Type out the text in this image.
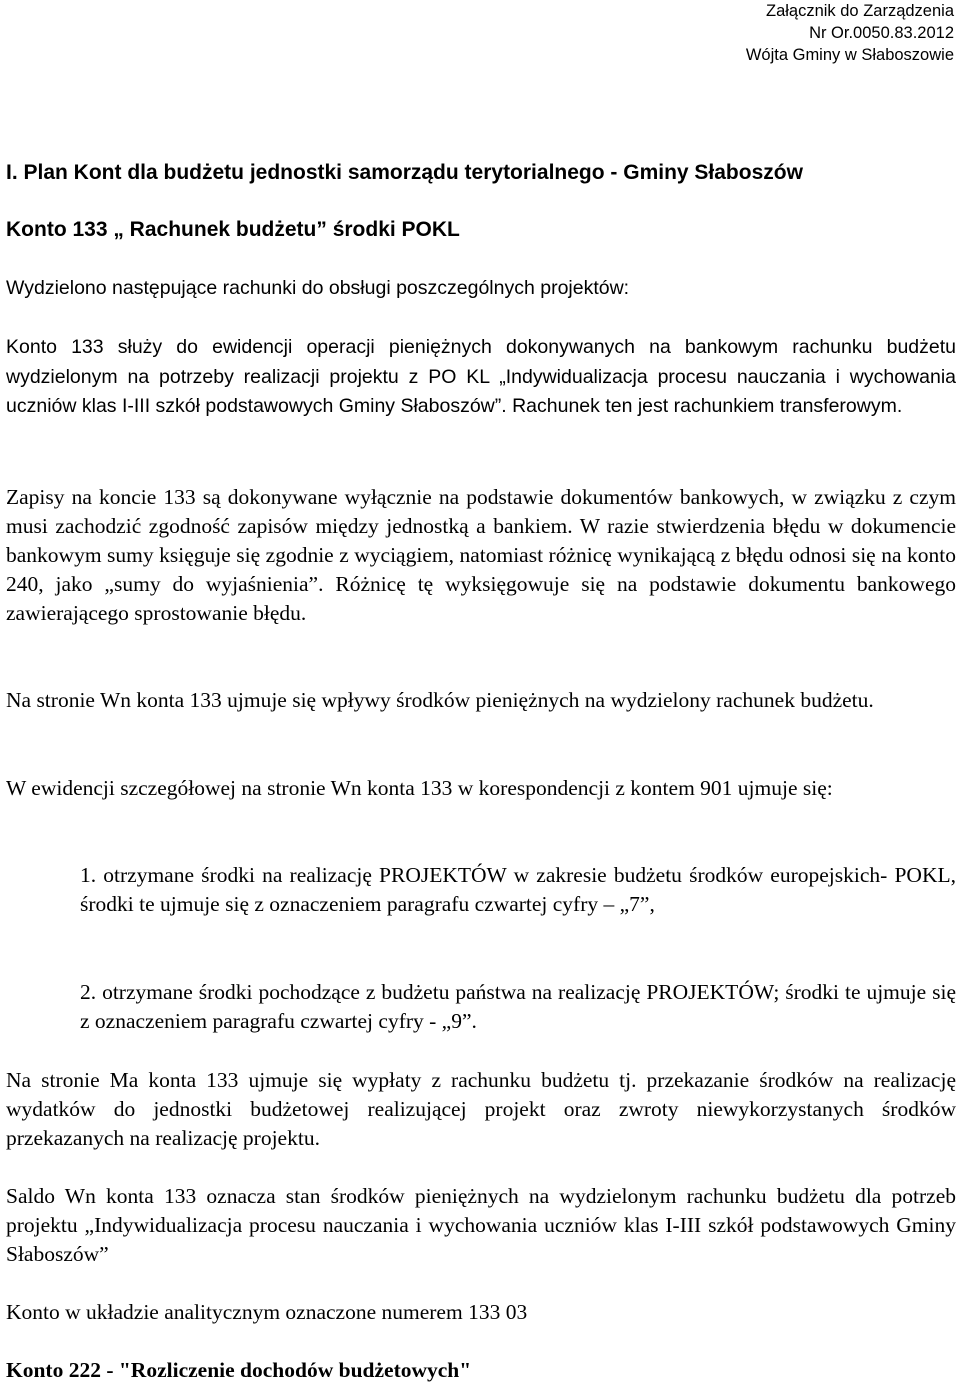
Załącznik do Zarządzenia
Nr Or.0050.83.2012
Wójta Gminy w Słaboszowie

I. Plan Kont dla budżetu jednostki samorządu terytorialnego - Gminy Słaboszów

Konto 133 „ Rachunek budżetu” środki POKL

Wydzielono następujące rachunki do obsługi poszczególnych projektów:

Konto 133 służy do ewidencji operacji pieniężnych dokonywanych na bankowym rachunku budżetu wydzielonym na potrzeby realizacji projektu z PO KL „Indywidualizacja procesu nauczania i wychowania uczniów klas I-III szkół podstawowych Gminy Słaboszów”. Rachunek ten jest rachunkiem transferowym.

Zapisy na koncie 133 są dokonywane wyłącznie na podstawie dokumentów bankowych, w związku z czym musi zachodzić zgodność zapisów między jednostką a bankiem. W razie stwierdzenia błędu w dokumencie bankowym sumy księguje się zgodnie z wyciągiem, natomiast różnicę wynikającą z błędu odnosi się na konto 240, jako „sumy do wyjaśnienia”. Różnicę tę wyksięgowuje się na podstawie dokumentu bankowego zawierającego sprostowanie błędu.

Na stronie Wn konta 133 ujmuje się wpływy środków pieniężnych na wydzielony rachunek budżetu.

W ewidencji szczegółowej na stronie Wn konta 133 w korespondencji z kontem 901 ujmuje się:

1. otrzymane środki na realizację PROJEKTÓW w zakresie budżetu środków europejskich- POKL, środki te ujmuje się z oznaczeniem paragrafu czwartej cyfry – „7”,

2. otrzymane środki pochodzące z budżetu państwa na realizację PROJEKTÓW; środki te ujmuje się z oznaczeniem paragrafu czwartej cyfry - „9”.

Na stronie Ma konta 133 ujmuje się wypłaty z rachunku budżetu tj. przekazanie środków na realizację wydatków do jednostki budżetowej realizującej projekt oraz zwroty niewykorzystanych środków przekazanych na realizację projektu.

Saldo Wn konta 133 oznacza stan środków pieniężnych na wydzielonym rachunku budżetu dla potrzeb projektu „Indywidualizacja procesu nauczania i wychowania uczniów klas I-III szkół podstawowych Gminy Słaboszów”

Konto w układzie analitycznym oznaczone numerem 133 03

Konto 222 - "Rozliczenie dochodów budżetowych"
